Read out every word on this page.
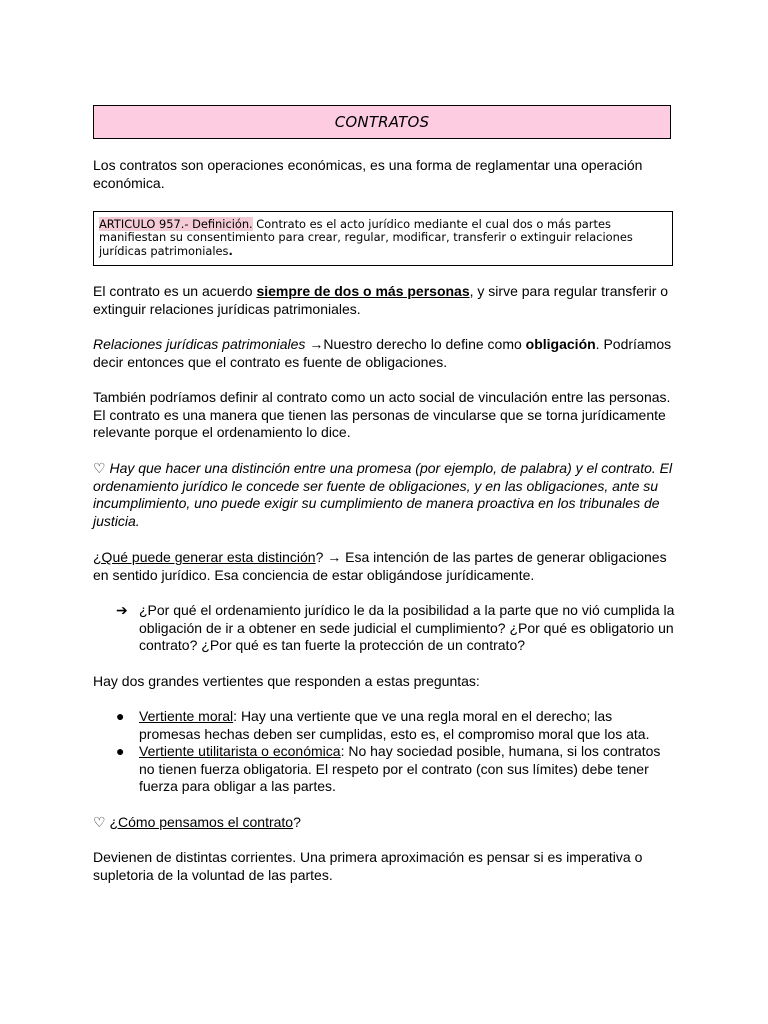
CONTRATOS
Los contratos son operaciones económicas, es una forma de reglamentar una operación económica.
ARTICULO 957.- Definición. Contrato es el acto jurídico mediante el cual dos o más partes manifiestan su consentimiento para crear, regular, modificar, transferir o extinguir relaciones jurídicas patrimoniales.
El contrato es un acuerdo siempre de dos o más personas, y sirve para regular transferir o extinguir relaciones jurídicas patrimoniales.
Relaciones jurídicas patrimoniales →Nuestro derecho lo define como obligación. Podríamos decir entonces que el contrato es fuente de obligaciones.
También podríamos definir al contrato como un acto social de vinculación entre las personas. El contrato es una manera que tienen las personas de vincularse que se torna jurídicamente relevante porque el ordenamiento lo dice.
♡ Hay que hacer una distinción entre una promesa (por ejemplo, de palabra) y el contrato. El ordenamiento jurídico le concede ser fuente de obligaciones, y en las obligaciones, ante su incumplimiento, uno puede exigir su cumplimiento de manera proactiva en los tribunales de justicia.
¿Qué puede generar esta distinción? → Esa intención de las partes de generar obligaciones en sentido jurídico. Esa conciencia de estar obligándose jurídicamente.
➔ ¿Por qué el ordenamiento jurídico le da la posibilidad a la parte que no vió cumplida la obligación de ir a obtener en sede judicial el cumplimiento? ¿Por qué es obligatorio un contrato? ¿Por qué es tan fuerte la protección de un contrato?
Hay dos grandes vertientes que responden a estas preguntas:
●	Vertiente moral: Hay una vertiente que ve una regla moral en el derecho; las promesas hechas deben ser cumplidas, esto es, el compromiso moral que los ata.
●	Vertiente utilitarista o económica: No hay sociedad posible, humana, si los contratos no tienen fuerza obligatoria. El respeto por el contrato (con sus límites) debe tener fuerza para obligar a las partes.
♡ ¿Cómo pensamos el contrato?
Devienen de distintas corrientes. Una primera aproximación es pensar si es imperativa o supletoria de la voluntad de las partes.
